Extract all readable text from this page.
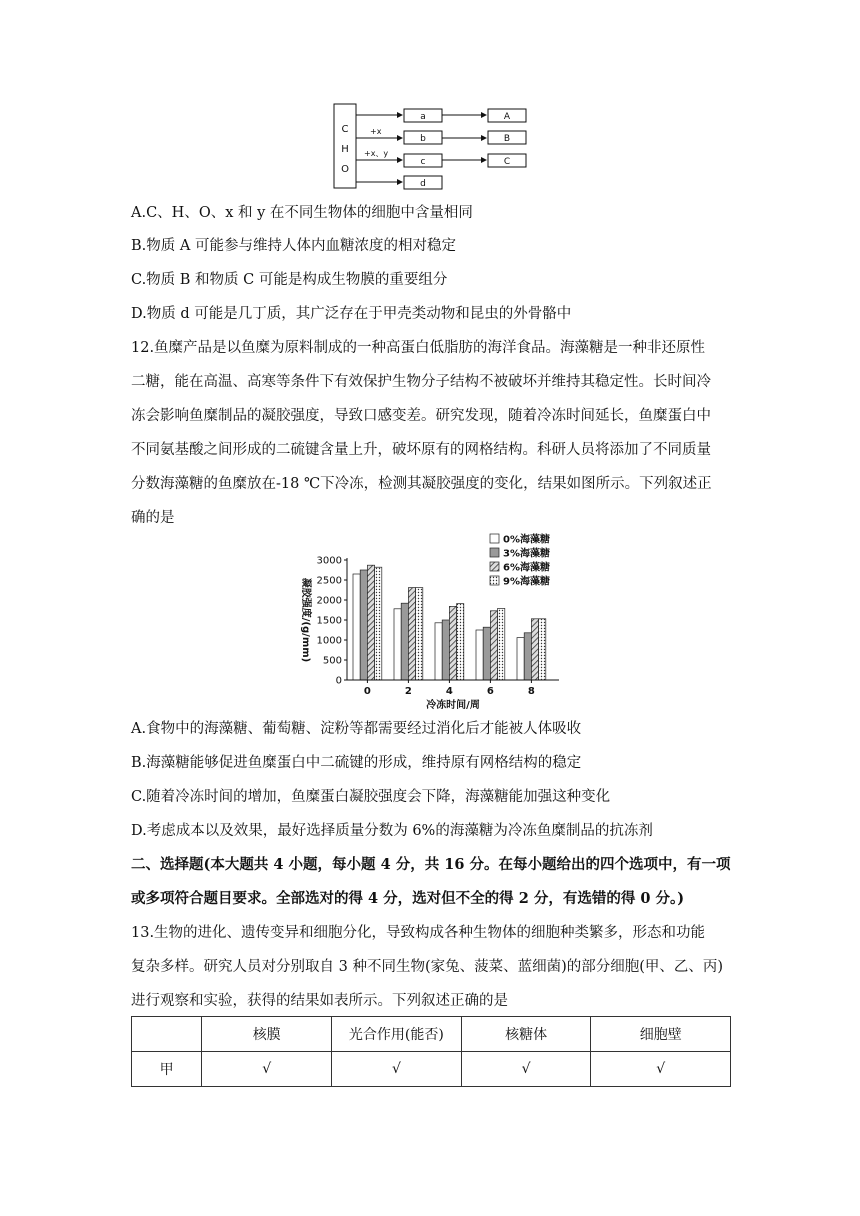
C
H
O
+x
+x、y
a
b
c
d
A
B
C
A.C、H、O、x 和 y 在不同生物体的细胞中含量相同
B.物质 A 可能参与维持人体内血糖浓度的相对稳定
C.物质 B 和物质 C 可能是构成生物膜的重要组分
D.物质 d 可能是几丁质，其广泛存在于甲壳类动物和昆虫的外骨骼中
12.鱼糜产品是以鱼糜为原料制成的一种高蛋白低脂肪的海洋食品。海藻糖是一种非还原性
二糖，能在高温、高寒等条件下有效保护生物分子结构不被破坏并维持其稳定性。长时间冷
冻会影响鱼糜制品的凝胶强度，导致口感变差。研究发现，随着冷冻时间延长，鱼糜蛋白中
不同氨基酸之间形成的二硫键含量上升，破坏原有的网格结构。科研人员将添加了不同质量
分数海藻糖的鱼糜放在-18 ℃下冷冻，检测其凝胶强度的变化，结果如图所示。下列叙述正
确的是
凝胶强度/(g/mm)
0
500
1000
1500
2000
2500
3000
0	2	4	6	8
0%海藻糖
3%海藻糖
6%海藻糖
9%海藻糖
冷冻时间/周
A.食物中的海藻糖、葡萄糖、淀粉等都需要经过消化后才能被人体吸收
B.海藻糖能够促进鱼糜蛋白中二硫键的形成，维持原有网格结构的稳定
C.随着冷冻时间的增加，鱼糜蛋白凝胶强度会下降，海藻糖能加强这种变化
D.考虑成本以及效果，最好选择质量分数为 6%的海藻糖为冷冻鱼糜制品的抗冻剂
二、选择题(本大题共 4 小题，每小题 4 分，共 16 分。在每小题给出的四个选项中，有一项
或多项符合题目要求。全部选对的得 4 分，选对但不全的得 2 分，有选错的得 0 分。)
13.生物的进化、遗传变异和细胞分化，导致构成各种生物体的细胞种类繁多，形态和功能
复杂多样。研究人员对分别取自 3 种不同生物(家兔、菠菜、蓝细菌)的部分细胞(甲、乙、丙)
进行观察和实验，获得的结果如表所示。下列叙述正确的是
	核膜	光合作用(能否)	核糖体	细胞壁
甲	√	√	√	√
